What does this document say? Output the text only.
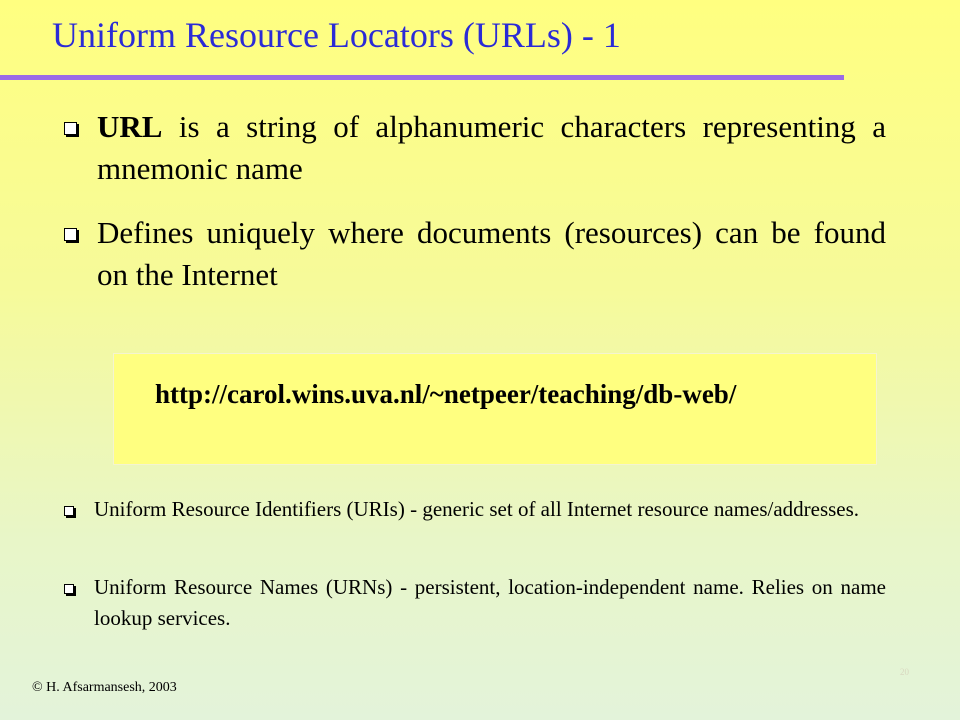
Uniform Resource Locators (URLs) - 1
URL is a string of alphanumeric characters representing a mnemonic name
Defines uniquely where documents (resources) can be found on the Internet
http://carol.wins.uva.nl/~netpeer/teaching/db-web/
Uniform Resource Identifiers (URIs) - generic set of all Internet resource names/addresses.
Uniform Resource Names (URNs) - persistent, location-independent name. Relies on name lookup services.
© H. Afsarmansesh, 2003
20
